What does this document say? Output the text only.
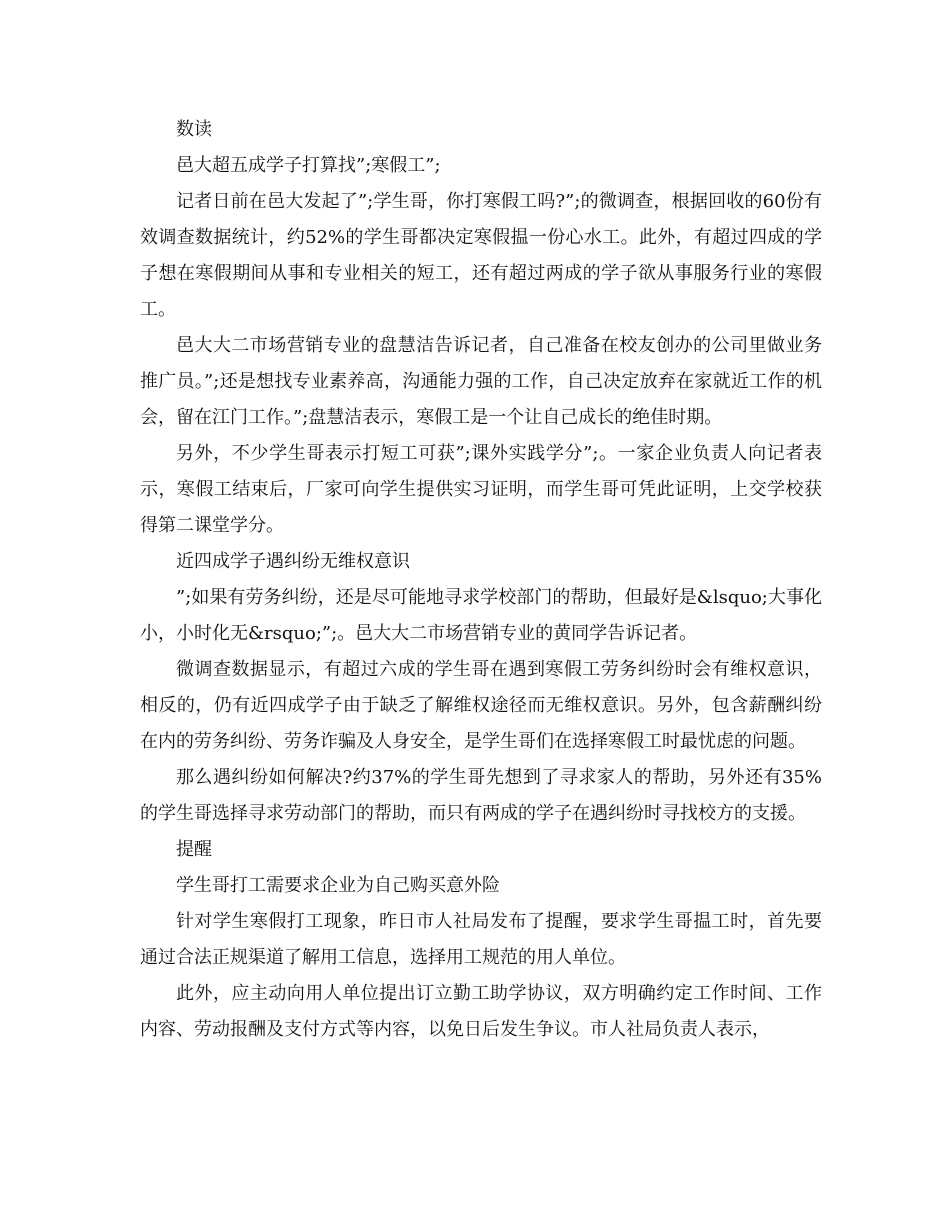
数读

邑大超五成学子打算找”;寒假工”;

记者日前在邑大发起了”;学生哥，你打寒假工吗?”;的微调查，根据回收的60份有效调查数据统计，约52%的学生哥都决定寒假揾一份心水工。此外，有超过四成的学子想在寒假期间从事和专业相关的短工，还有超过两成的学子欲从事服务行业的寒假工。

邑大大二市场营销专业的盘慧洁告诉记者，自己准备在校友创办的公司里做业务推广员。”;还是想找专业素养高，沟通能力强的工作，自己决定放弃在家就近工作的机会，留在江门工作。”;盘慧洁表示，寒假工是一个让自己成长的绝佳时期。

另外，不少学生哥表示打短工可获”;课外实践学分”;。一家企业负责人向记者表示，寒假工结束后，厂家可向学生提供实习证明，而学生哥可凭此证明，上交学校获得第二课堂学分。

近四成学子遇纠纷无维权意识

”;如果有劳务纠纷，还是尽可能地寻求学校部门的帮助，但最好是&lsquo;大事化小，小时化无&rsquo;”;。邑大大二市场营销专业的黄同学告诉记者。

微调查数据显示，有超过六成的学生哥在遇到寒假工劳务纠纷时会有维权意识，相反的，仍有近四成学子由于缺乏了解维权途径而无维权意识。另外，包含薪酬纠纷在内的劳务纠纷、劳务诈骗及人身安全，是学生哥们在选择寒假工时最忧虑的问题。

那么遇纠纷如何解决?约37%的学生哥先想到了寻求家人的帮助，另外还有35%的学生哥选择寻求劳动部门的帮助，而只有两成的学子在遇纠纷时寻找校方的支援。

提醒

学生哥打工需要求企业为自己购买意外险

针对学生寒假打工现象，昨日市人社局发布了提醒，要求学生哥揾工时，首先要通过合法正规渠道了解用工信息，选择用工规范的用人单位。

此外，应主动向用人单位提出订立勤工助学协议，双方明确约定工作时间、工作内容、劳动报酬及支付方式等内容，以免日后发生争议。市人社局负责人表示，
